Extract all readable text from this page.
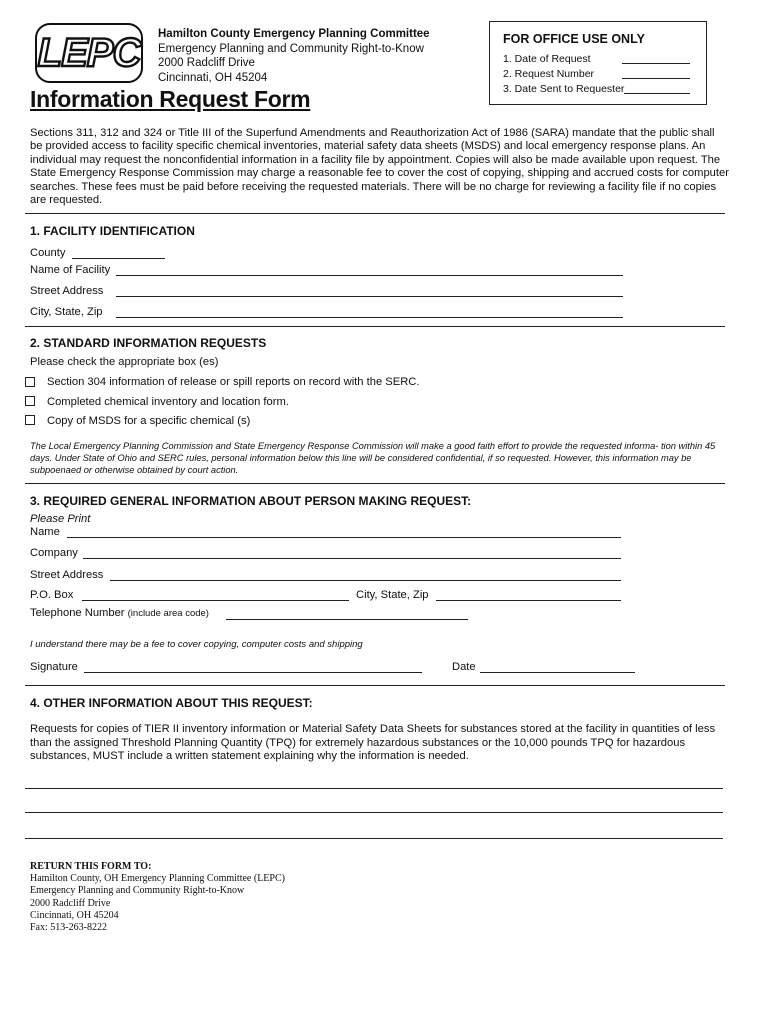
LEPC Hamilton County Emergency Planning Committee
Emergency Planning and Community Right-to-Know
2000 Radcliff Drive
Cincinnati, OH 45204
FOR OFFICE USE ONLY
1. Date of Request
2. Request Number
3. Date Sent to Requester
Information Request Form
Sections 311, 312 and 324 or Title III of the Superfund Amendments and Reauthorization Act of 1986 (SARA) mandate that the public shall be provided access to facility specific chemical inventories, material safety data sheets (MSDS) and local emergency response plans. An individual may request the nonconfidential information in a facility file by appointment. Copies will also be made available upon request. The State Emergency Response Commission may charge a reasonable fee to cover the cost of copying, shipping and accrued costs for computer searches. These fees must be paid before receiving the requested materials. There will be no charge for reviewing a facility file if no copies are requested.
1. FACILITY IDENTIFICATION
County
Name of Facility
Street Address
City, State, Zip
2. STANDARD INFORMATION REQUESTS
Please check the appropriate box (es)
Section 304 information of release or spill reports on record with the SERC.
Completed chemical inventory and location form.
Copy of MSDS for a specific chemical (s)
The Local Emergency Planning Commission and State Emergency Response Commission will make a good faith effort to provide the requested informa- tion within 45 days. Under State of Ohio and SERC rules, personal information below this line will be considered confidential, if so requested. However, this information may be subpoenaed or otherwise obtained by court action.
3. REQUIRED GENERAL INFORMATION ABOUT PERSON MAKING REQUEST:
Please Print
Name
Company
Street Address
P.O. Box	City, State, Zip
Telephone Number (include area code)
I understand there may be a fee to cover copying, computer costs and shipping
Signature	Date
4. OTHER INFORMATION ABOUT THIS REQUEST:
Requests for copies of TIER II inventory information or Material Safety Data Sheets for substances stored at the facility in quantities of less than the assigned Threshold Planning Quantity (TPQ) for extremely hazardous substances or the 10,000 pounds TPQ for hazardous substances, MUST include a written statement explaining why the information is needed.
RETURN THIS FORM TO:
Hamilton County, OH Emergency Planning Committee (LEPC)
Emergency Planning and Community Right-to-Know
2000 Radcliff Drive
Cincinnati, OH 45204
Fax: 513-263-8222
